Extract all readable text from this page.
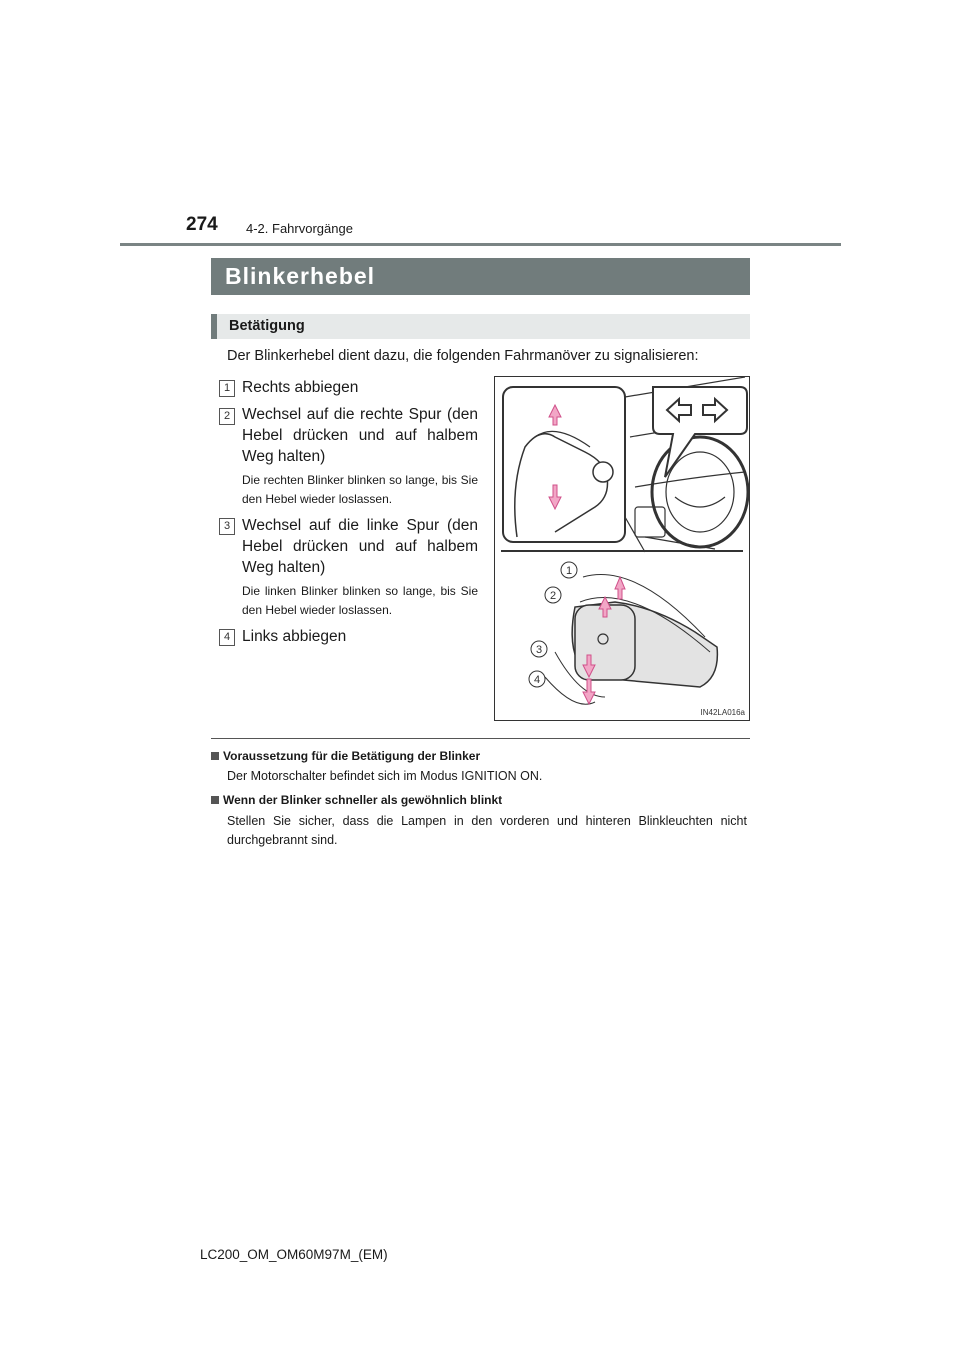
274 4-2. Fahrvorgänge
Blinkerhebel
Betätigung
Der Blinkerhebel dient dazu, die folgenden Fahrmanöver zu signalisieren:
1 Rechts abbiegen
2 Wechsel auf die rechte Spur (den Hebel drücken und auf halbem Weg halten)
Die rechten Blinker blinken so lange, bis Sie den Hebel wieder loslassen.
3 Wechsel auf die linke Spur (den Hebel drücken und auf halbem Weg halten)
Die linken Blinker blinken so lange, bis Sie den Hebel wieder loslassen.
4 Links abbiegen
1
2
3
4
IN42LA016a
Voraussetzung für die Betätigung der Blinker
Der Motorschalter befindet sich im Modus IGNITION ON.
Wenn der Blinker schneller als gewöhnlich blinkt
Stellen Sie sicher, dass die Lampen in den vorderen und hinteren Blinkleuchten nicht durchgebrannt sind.
LC200_OM_OM60M97M_(EM)
